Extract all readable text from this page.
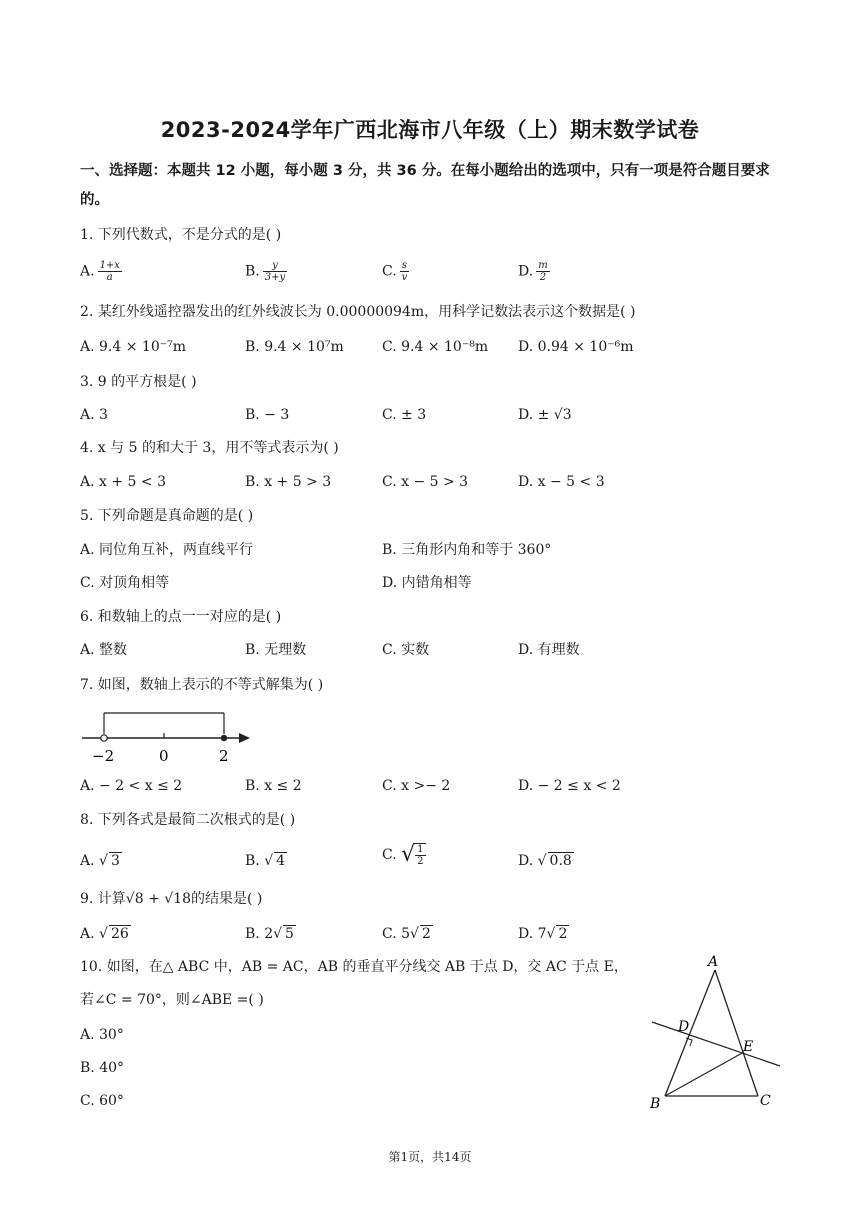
2023-2024学年广西北海市八年级（上）期末数学试卷
一、选择题：本题共 12 小题，每小题 3 分，共 36 分。在每小题给出的选项中，只有一项是符合题目要求的。
1. 下列代数式，不是分式的是( )
A. $\frac{1+x}{a}$	B. $\frac{y}{3+y}$	C. $\frac{s}{v}$	D. $\frac{m}{2}$
2. 某红外线遥控器发出的红外线波长为 0.00000094m，用科学记数法表示这个数据是( )
A. 9.4 × 10⁻⁷m	B. 9.4 × 10⁷m	C. 9.4 × 10⁻⁸m D. 0.94 × 10⁻⁶m
3. 9 的平方根是( )
A. 3	B. − 3	C. ± 3	D. ± √3
4. x 与 5 的和大于 3，用不等式表示为( )
A. x + 5 < 3	B. x + 5 > 3	C. x − 5 > 3	D. x − 5 < 3
5. 下列命题是真命题的是( )
A. 同位角互补，两直线平行	B. 三角形内角和等于 360°
C. 对顶角相等	D. 内错角相等
6. 和数轴上的点一一对应的是( )
A. 整数	B. 无理数	C. 实数	D. 有理数
7. 如图，数轴上表示的不等式解集为( )
−2	0	2
A. − 2 < x ≤ 2	B. x ≤ 2	C. x >− 2	D. − 2 ≤ x < 2
8. 下列各式是最简二次根式的是( )
A. √ 3	B. √ 4	C. √ $\frac{1}{2}$	D. √ 0.8
9. 计算√8 + √18的结果是( )
A. √ 26	B. 2√ 5	C. 5√ 2	D. 7√ 2
10. 如图，在△ ABC 中，AB = AC，AB 的垂直平分线交 AB 于点 D，交 AC 于点 E，
若∠C = 70°，则∠ABE =( )
A. 30°
B. 40°
C. 60°
A
D
E
B	C
第1页，共14页
